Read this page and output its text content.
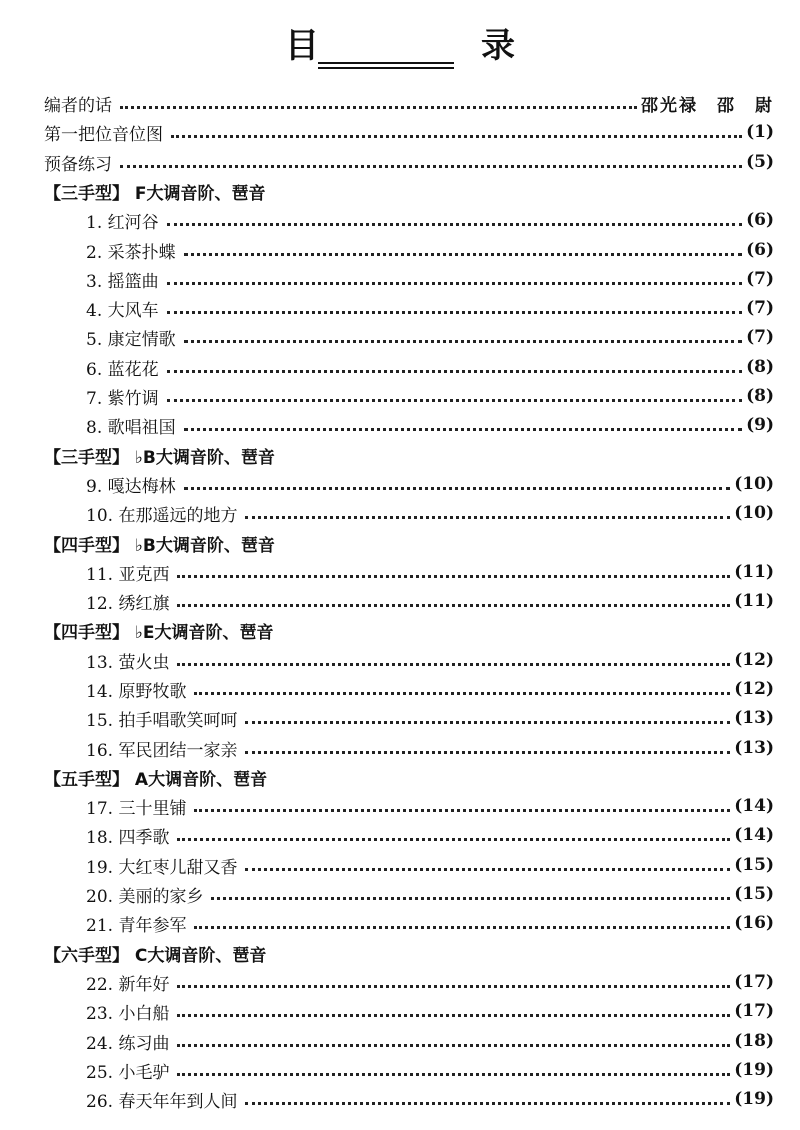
目　录
编者的话	邵光禄　邵　尉
第一把位音位图	(1)
预备练习	(5)
【三手型】 F大调音阶、琶音
1. 红河谷	(6)
2. 采茶扑蝶	(6)
3. 摇篮曲	(7)
4. 大风车	(7)
5. 康定情歌	(7)
6. 蓝花花	(8)
7. 紫竹调	(8)
8. 歌唱祖国	(9)
【三手型】 ♭B大调音阶、琶音
9. 嘎达梅林	(10)
10. 在那遥远的地方	(10)
【四手型】 ♭B大调音阶、琶音
11. 亚克西	(11)
12. 绣红旗	(11)
【四手型】 ♭E大调音阶、琶音
13. 萤火虫	(12)
14. 原野牧歌	(12)
15. 拍手唱歌笑呵呵	(13)
16. 军民团结一家亲	(13)
【五手型】 A大调音阶、琶音
17. 三十里铺	(14)
18. 四季歌	(14)
19. 大红枣儿甜又香	(15)
20. 美丽的家乡	(15)
21. 青年参军	(16)
【六手型】 C大调音阶、琶音
22. 新年好	(17)
23. 小白船	(17)
24. 练习曲	(18)
25. 小毛驴	(19)
26. 春天年年到人间	(19)
